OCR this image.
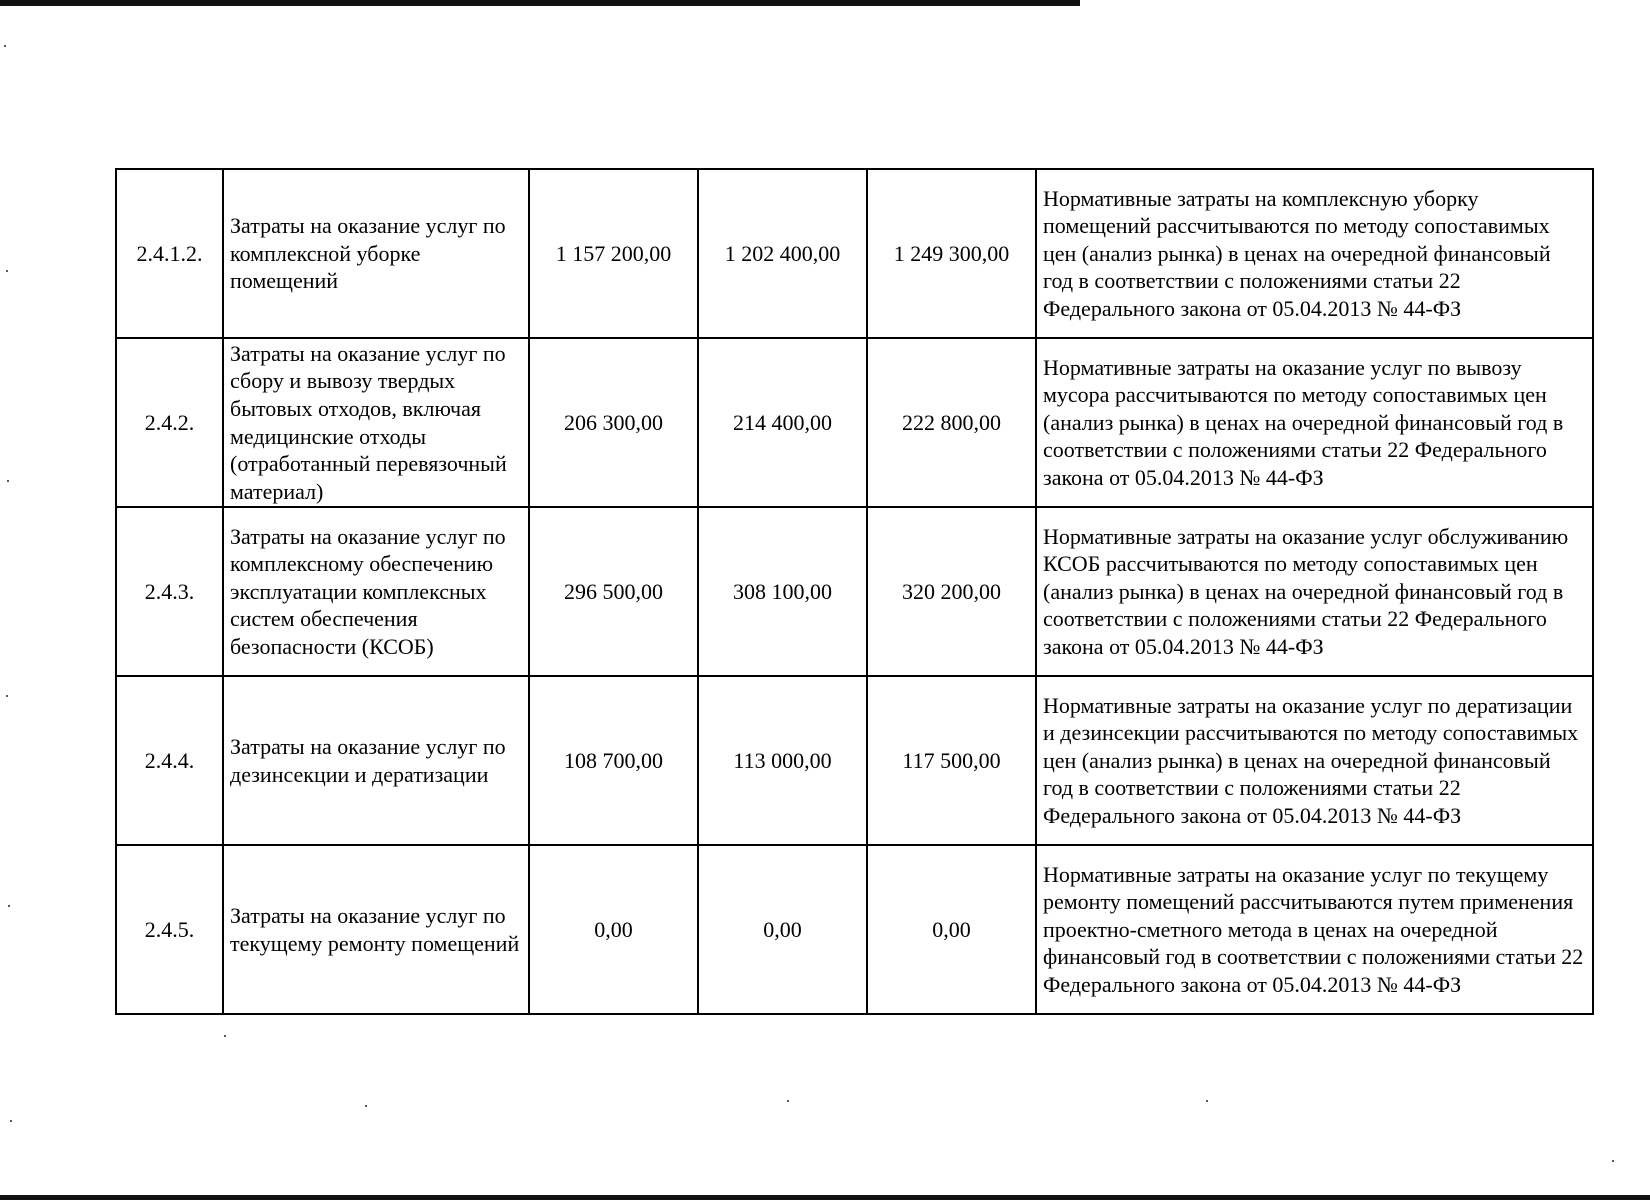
2.4.1.2.	Затраты на оказание услуг по комплексной уборке помещений	1 157 200,00	1 202 400,00	1 249 300,00	Нормативные затраты на комплексную уборку помещений рассчитываются по методу сопоставимых цен (анализ рынка) в ценах на очередной финансовый год в соответствии с положениями статьи 22 Федерального закона от 05.04.2013 № 44-ФЗ
2.4.2.	Затраты на оказание услуг по сбору и вывозу твердых бытовых отходов, включая медицинские отходы (отработанный перевязочный материал)	206 300,00	214 400,00	222 800,00	Нормативные затраты на оказание услуг по вывозу мусора рассчитываются по методу сопоставимых цен (анализ рынка) в ценах на очередной финансовый год в соответствии с положениями статьи 22 Федерального закона от 05.04.2013 № 44-ФЗ
2.4.3.	Затраты на оказание услуг по комплексному обеспечению эксплуатации комплексных систем обеспечения безопасности (КСОБ)	296 500,00	308 100,00	320 200,00	Нормативные затраты на оказание услуг обслуживанию КСОБ рассчитываются по методу сопоставимых цен (анализ рынка) в ценах на очередной финансовый год в соответствии с положениями статьи 22 Федерального закона от 05.04.2013 № 44-ФЗ
2.4.4.	Затраты на оказание услуг по дезинсекции и дератизации	108 700,00	113 000,00	117 500,00	Нормативные затраты на оказание услуг по дератизации и дезинсекции рассчитываются по методу сопоставимых цен (анализ рынка) в ценах на очередной финансовый год в соответствии с положениями статьи 22 Федерального закона от 05.04.2013 № 44-ФЗ
2.4.5.	Затраты на оказание услуг по текущему ремонту помещений	0,00	0,00	0,00	Нормативные затраты на оказание услуг по текущему ремонту помещений рассчитываются путем применения проектно-сметного метода в ценах на очередной финансовый год в соответствии с положениями статьи 22 Федерального закона от 05.04.2013 № 44-ФЗ
